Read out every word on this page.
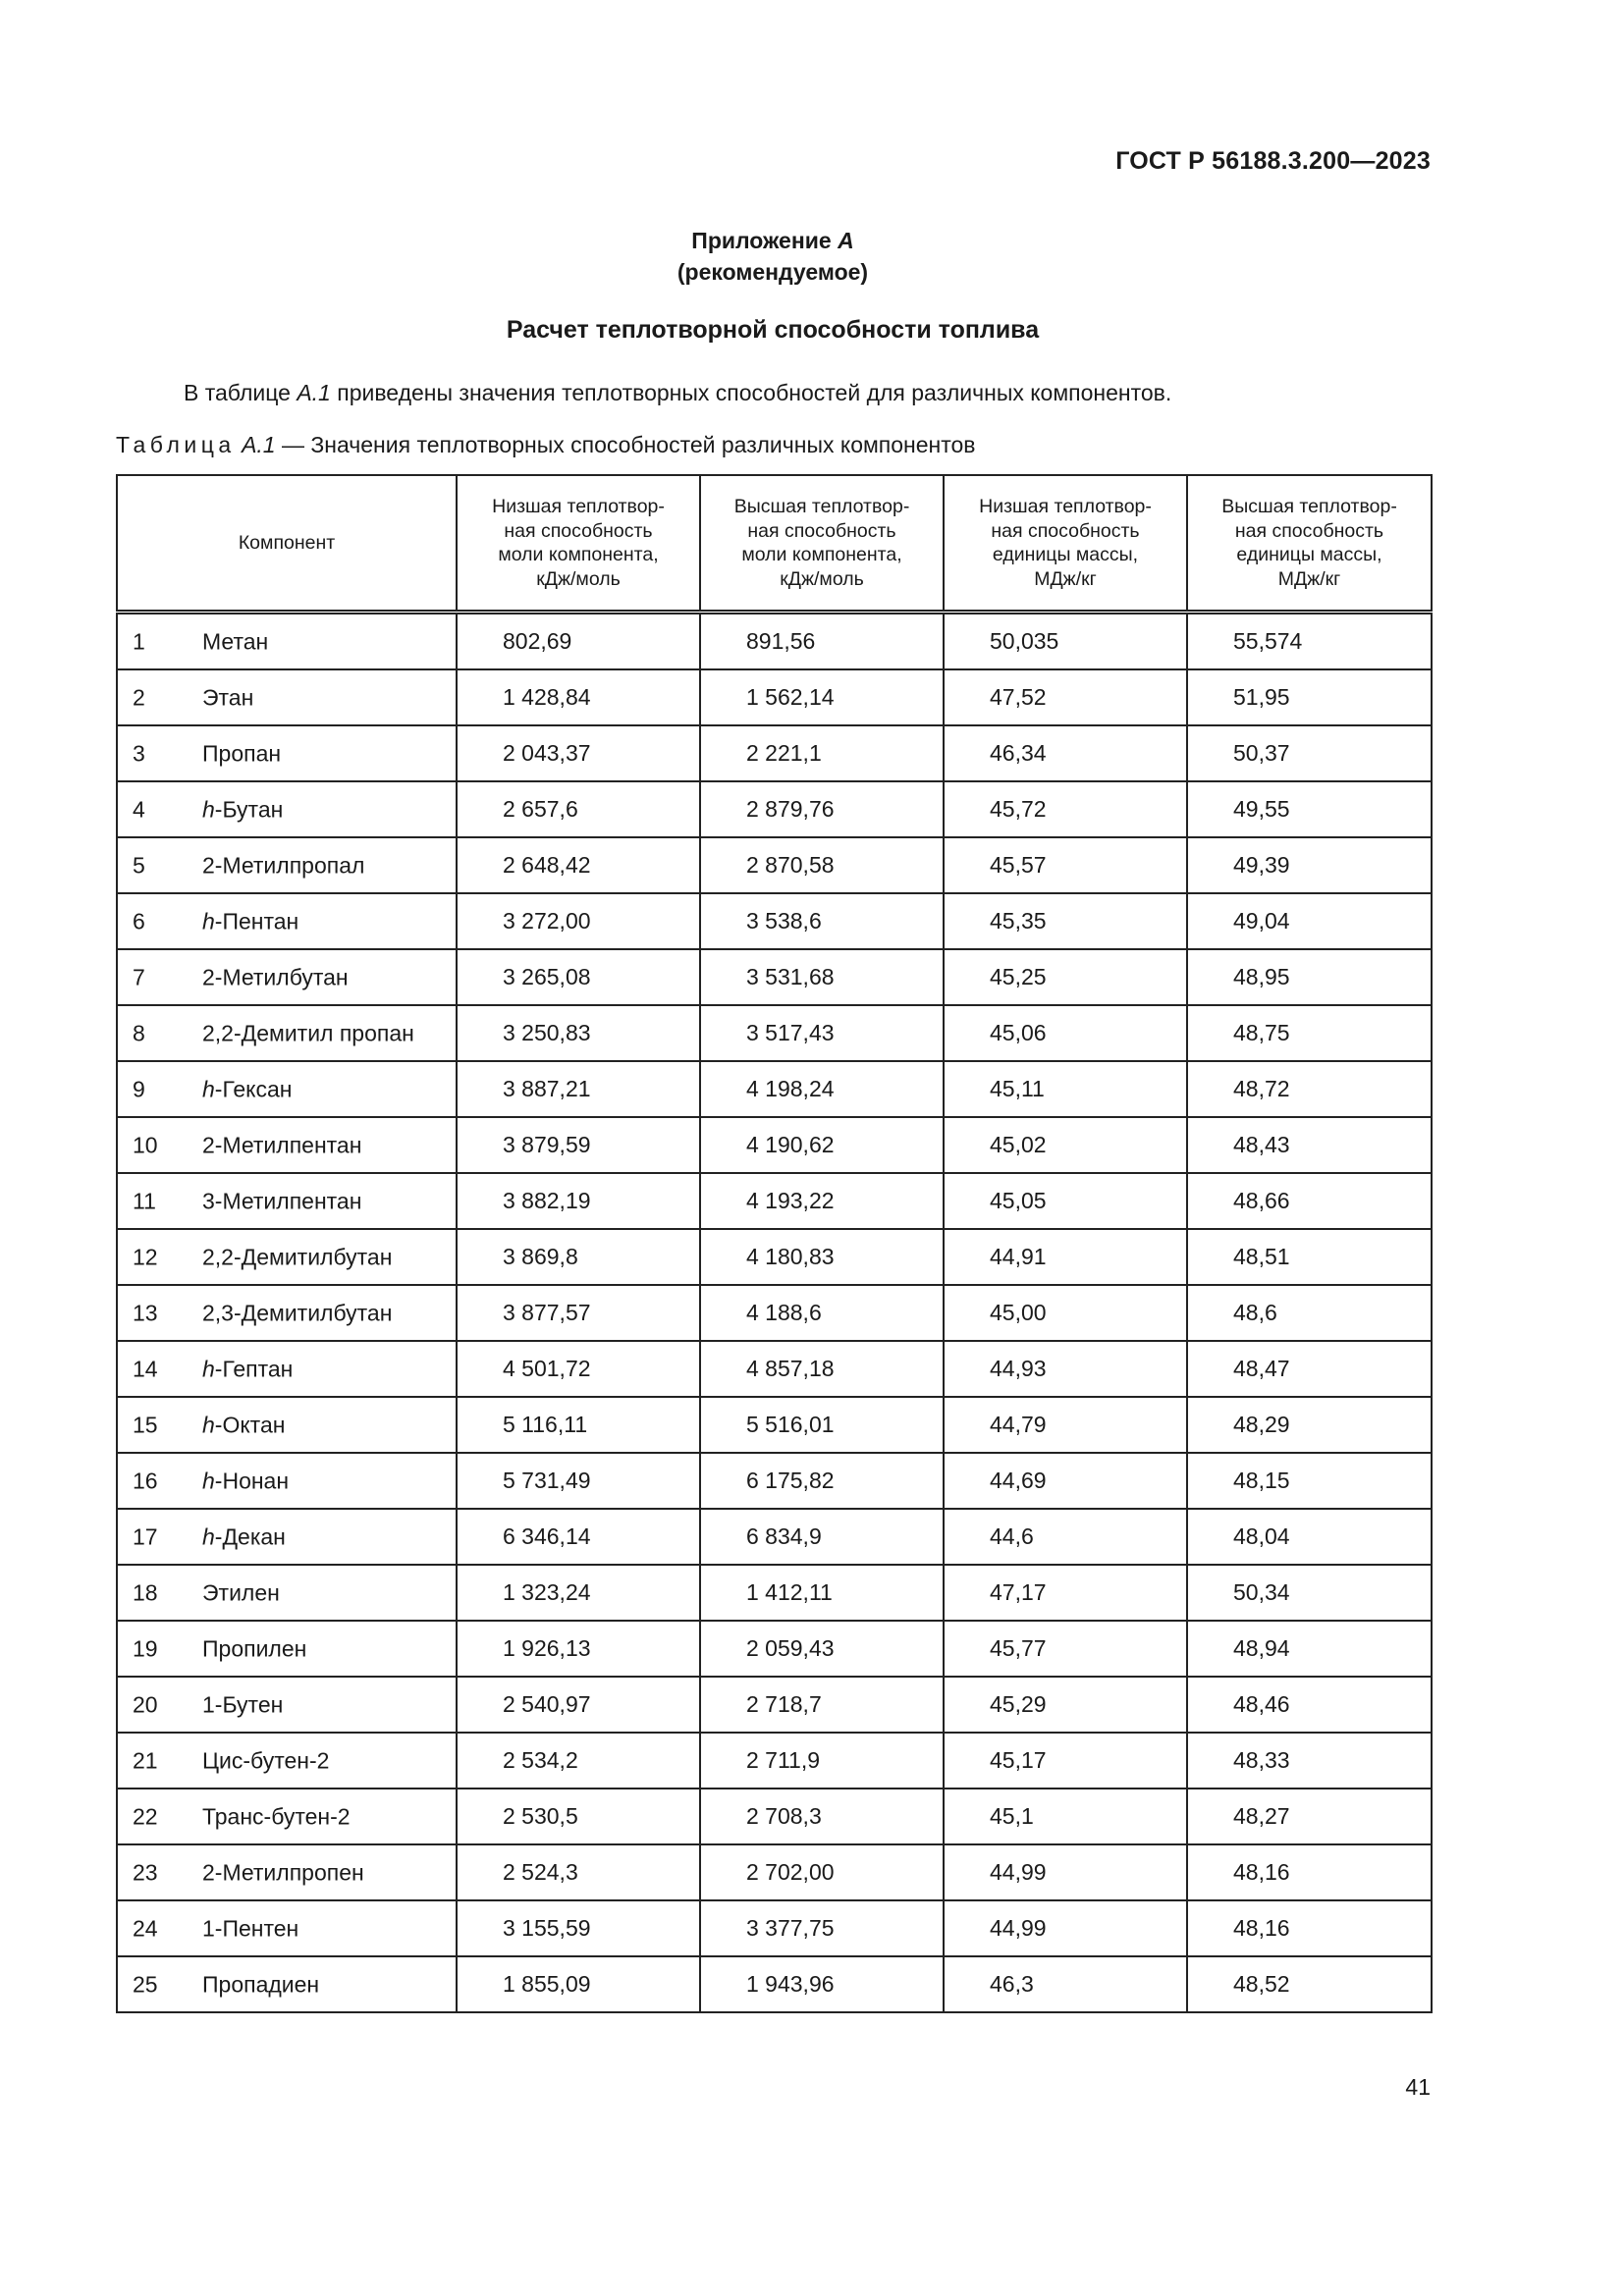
ГОСТ Р 56188.3.200—2023
Приложение А
(рекомендуемое)
Расчет теплотворной способности топлива
В таблице А.1 приведены значения теплотворных способностей для различных компонентов.
Таблица А.1 — Значения теплотворных способностей различных компонентов
Компонент	Низшая теплотвор-
ная способность
моли компонента,
кДж/моль	Высшая теплотвор-
ная способность
моли компонента,
кДж/моль	Низшая теплотвор-
ная способность
единицы массы,
МДж/кг	Высшая теплотвор-
ная способность
единицы массы,
МДж/кг

1 Метан	802,69	891,56	50,035	55,574

2 Этан	1 428,84	1 562,14	47,52	51,95

3 Пропан	2 043,37	2 221,1	46,34	50,37

4 h-Бутан	2 657,6	2 879,76	45,72	49,55

5 2-Метилпропал	2 648,42	2 870,58	45,57	49,39

6 h-Пентан	3 272,00	3 538,6	45,35	49,04

7 2-Метилбутан	3 265,08	3 531,68	45,25	48,95

8 2,2-Демитил пропан	3 250,83	3 517,43	45,06	48,75

9 h-Гексан	3 887,21	4 198,24	45,11	48,72

10 2-Метилпентан	3 879,59	4 190,62	45,02	48,43

11 3-Метилпентан	3 882,19	4 193,22	45,05	48,66

12 2,2-Демитилбутан	3 869,8	4 180,83	44,91	48,51

13 2,3-Демитилбутан	3 877,57	4 188,6	45,00	48,6

14 h-Гептан	4 501,72	4 857,18	44,93	48,47

15 h-Октан	5 116,11	5 516,01	44,79	48,29

16 h-Нонан	5 731,49	6 175,82	44,69	48,15

17 h-Декан	6 346,14	6 834,9	44,6	48,04

18 Этилен	1 323,24	1 412,11	47,17	50,34

19 Пропилен	1 926,13	2 059,43	45,77	48,94

20 1-Бутен	2 540,97	2 718,7	45,29	48,46

21 Цис-бутен-2	2 534,2	2 711,9	45,17	48,33

22 Транс-бутен-2	2 530,5	2 708,3	45,1	48,27

23 2-Метилпропен	2 524,3	2 702,00	44,99	48,16

24 1-Пентен	3 155,59	3 377,75	44,99	48,16

25 Пропадиен	1 855,09	1 943,96	46,3	48,52
41
